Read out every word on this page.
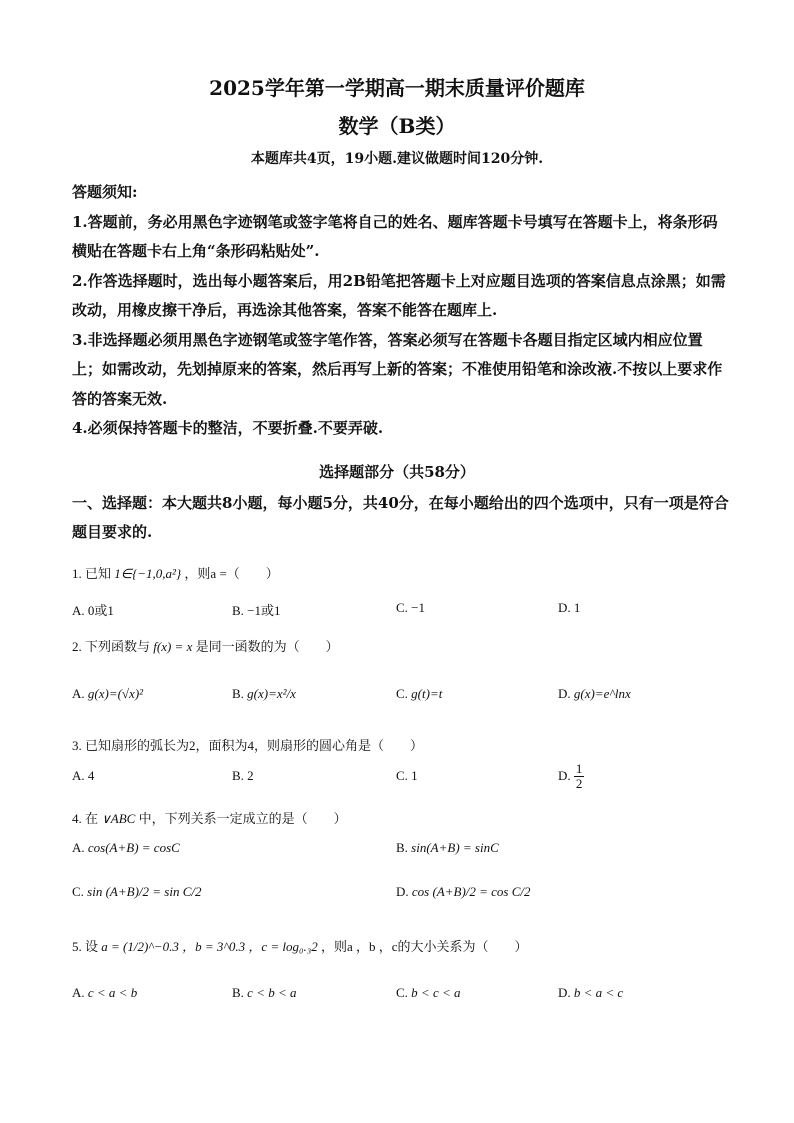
2025学年第一学期高一期末质量评价题库
数学（B类）
本题库共4页，19小题.建议做题时间120分钟.

答题须知:

1.答题前，务必用黑色字迹钢笔或签字笔将自己的姓名、题库答题卡号填写在答题卡上，将条形码横贴在答题卡右上角“条形码粘贴处”.

2.作答选择题时，选出每小题答案后，用2B铅笔把答题卡上对应题目选项的答案信息点涂黑；如需改动，用橡皮擦干净后，再选涂其他答案，答案不能答在题库上.

3.非选择题必须用黑色字迹钢笔或签字笔作答，答案必须写在答题卡各题目指定区域内相应位置上；如需改动，先划掉原来的答案，然后再写上新的答案；不准使用铅笔和涂改液.不按以上要求作答的答案无效.

4.必须保持答题卡的整洁，不要折叠.不要弄破.

选择题部分（共58分）
一、选择题：本大题共8小题，每小题5分，共40分，在每小题给出的四个选项中，只有一项是符合题目要求的.
1. 已知 1∈{−1,0,a²} ，则a =（　　）
A. 0或1	B. −1或1	C. −1	D. 1
2. 下列函数与 f(x) = x 是同一函数的为（　　）
A. g(x)=(√x)²	B. g(x)=x²/x	C. g(t)=t	D. g(x)=e^lnx
3. 已知扇形的弧长为2，面积为4，则扇形的圆心角是（　　）
A. 4	B. 2	C. 1	D. $\frac{1}{2}$
4. 在 ∨ABC 中，下列关系一定成立的是（　　）
A. cos(A+B) = cosC	B. sin(A+B) = sinC
C. sin (A+B)/2 = sin C/2	D. cos (A+B)/2 = cos C/2
5. 设 a = (1/2)^−0.3 ，b = 3^0.3 ，c = log₀.₃2 ，则a ，b ，c的大小关系为（　　）
A. c < a < b	B. c < b < a	C. b < c < a	D. b < a < c
